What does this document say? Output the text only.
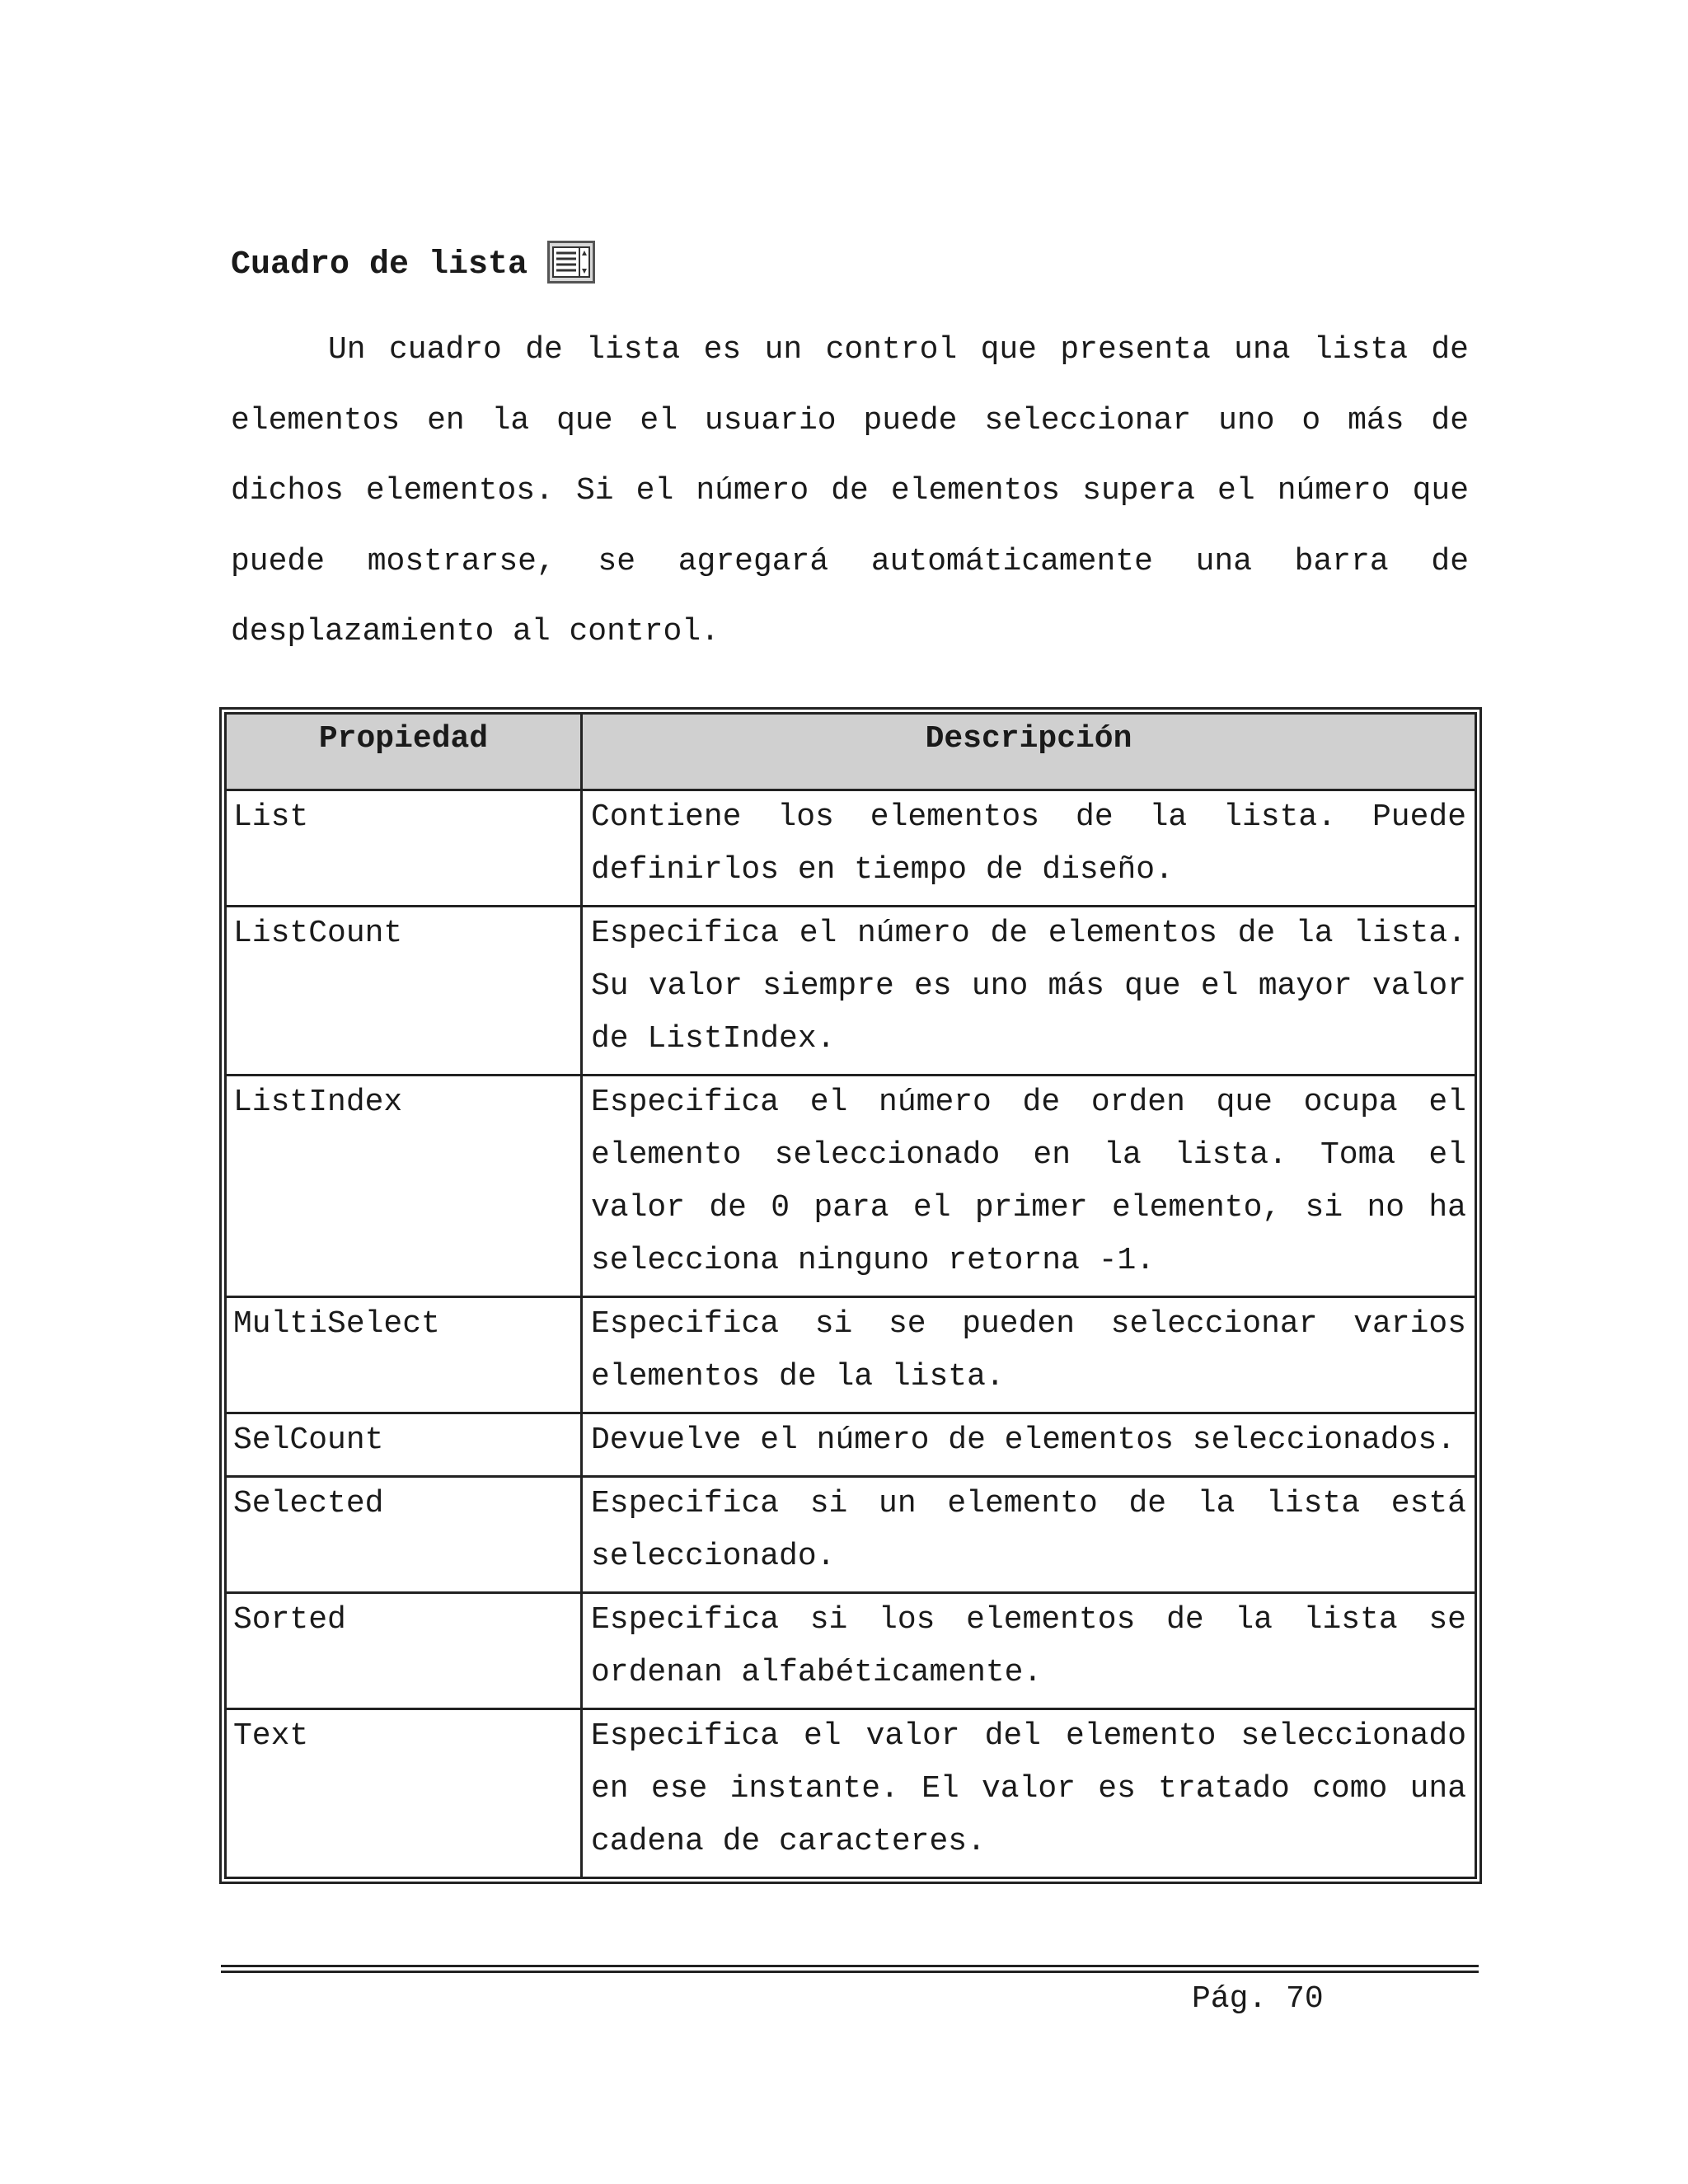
Cuadro de lista

Un cuadro de lista es un control que presenta una lista de elementos en la que el usuario puede seleccionar uno o más de dichos elementos. Si el número de elementos supera el número que puede mostrarse, se agregará automáticamente una barra de desplazamiento al control.

Propiedad	Descripción
List	Contiene los elementos de la lista. Puede definirlos en tiempo de diseño.
ListCount	Especifica el número de elementos de la lista. Su valor siempre es uno más que el mayor valor de ListIndex.
ListIndex	Especifica el número de orden que ocupa el elemento seleccionado en la lista. Toma el valor de 0 para el primer elemento, si no ha selecciona ninguno retorna -1.
MultiSelect	Especifica si se pueden seleccionar varios elementos de la lista.
SelCount	Devuelve el número de elementos seleccionados.
Selected	Especifica si un elemento de la lista está seleccionado.
Sorted	Especifica si los elementos de la lista se ordenan alfabéticamente.
Text	Especifica el valor del elemento seleccionado en ese instante. El valor es tratado como una cadena de caracteres.
Pág. 70
